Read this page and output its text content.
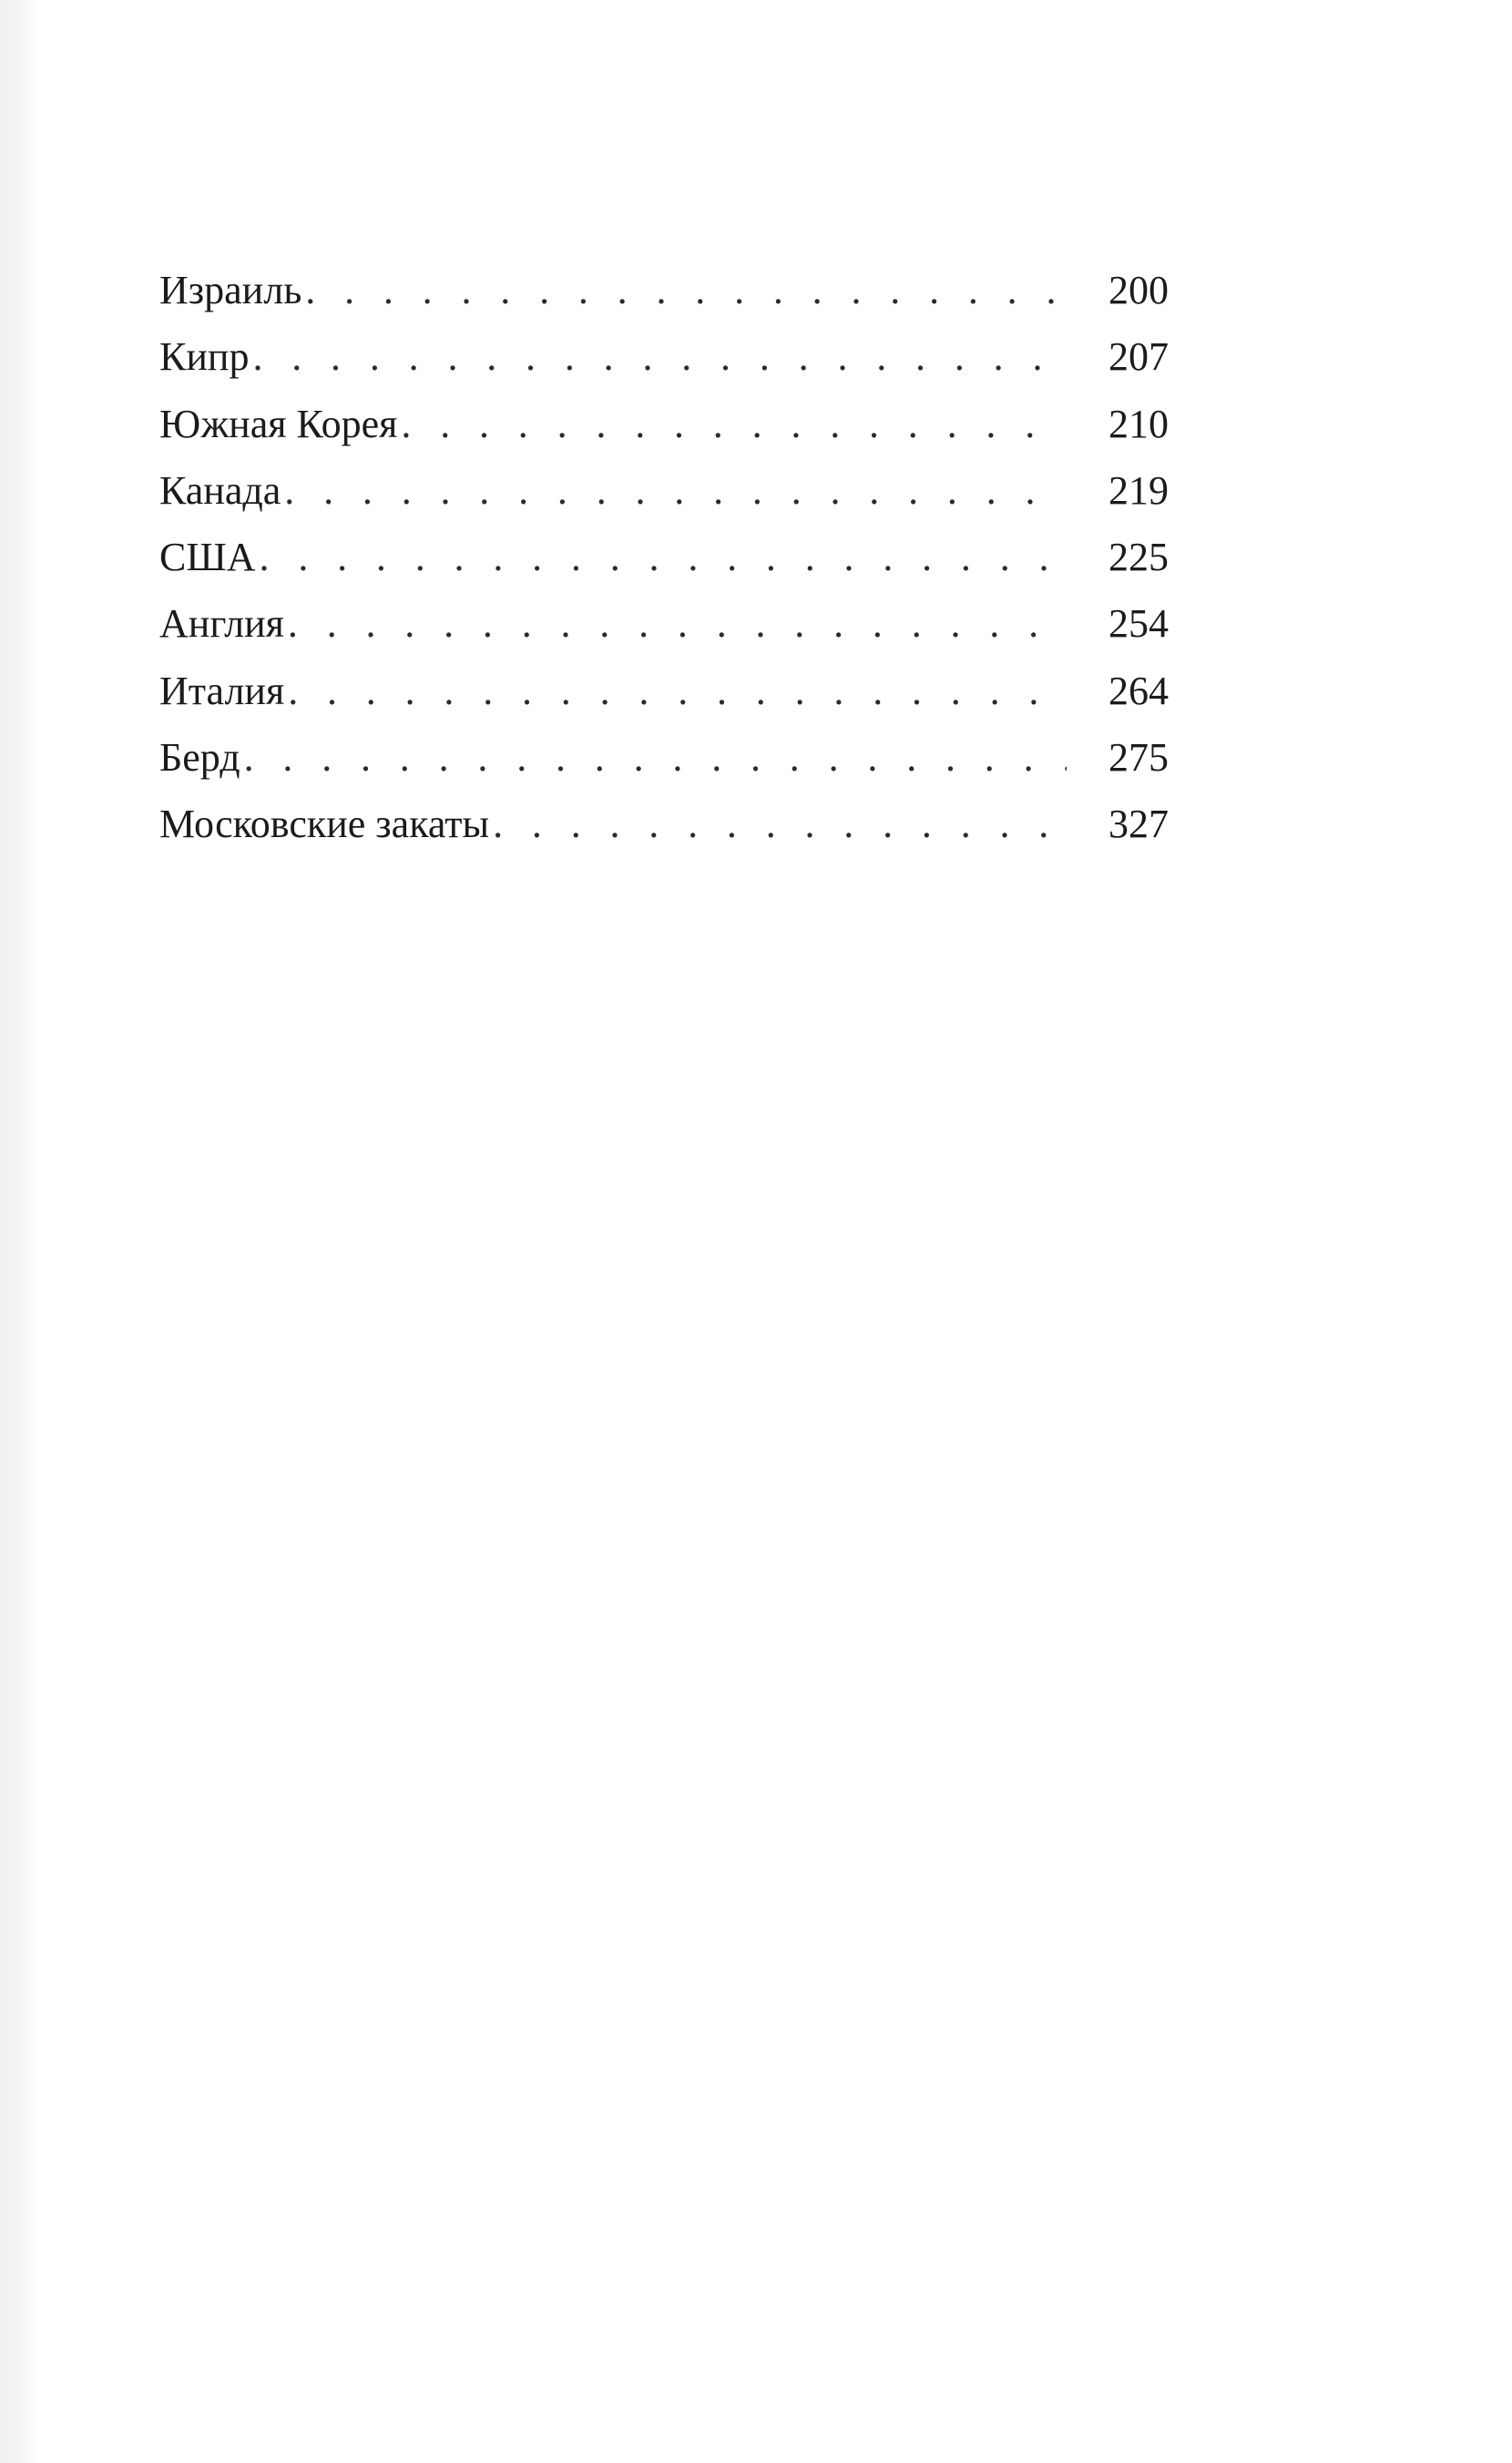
Израиль . . .	200
Кипр . . .	207
Южная Корея . . .	210
Канада . . .	219
США . . .	225
Англия . . .	254
Италия . . .	264
Берд . . .	275
Московские закаты . . .	327
